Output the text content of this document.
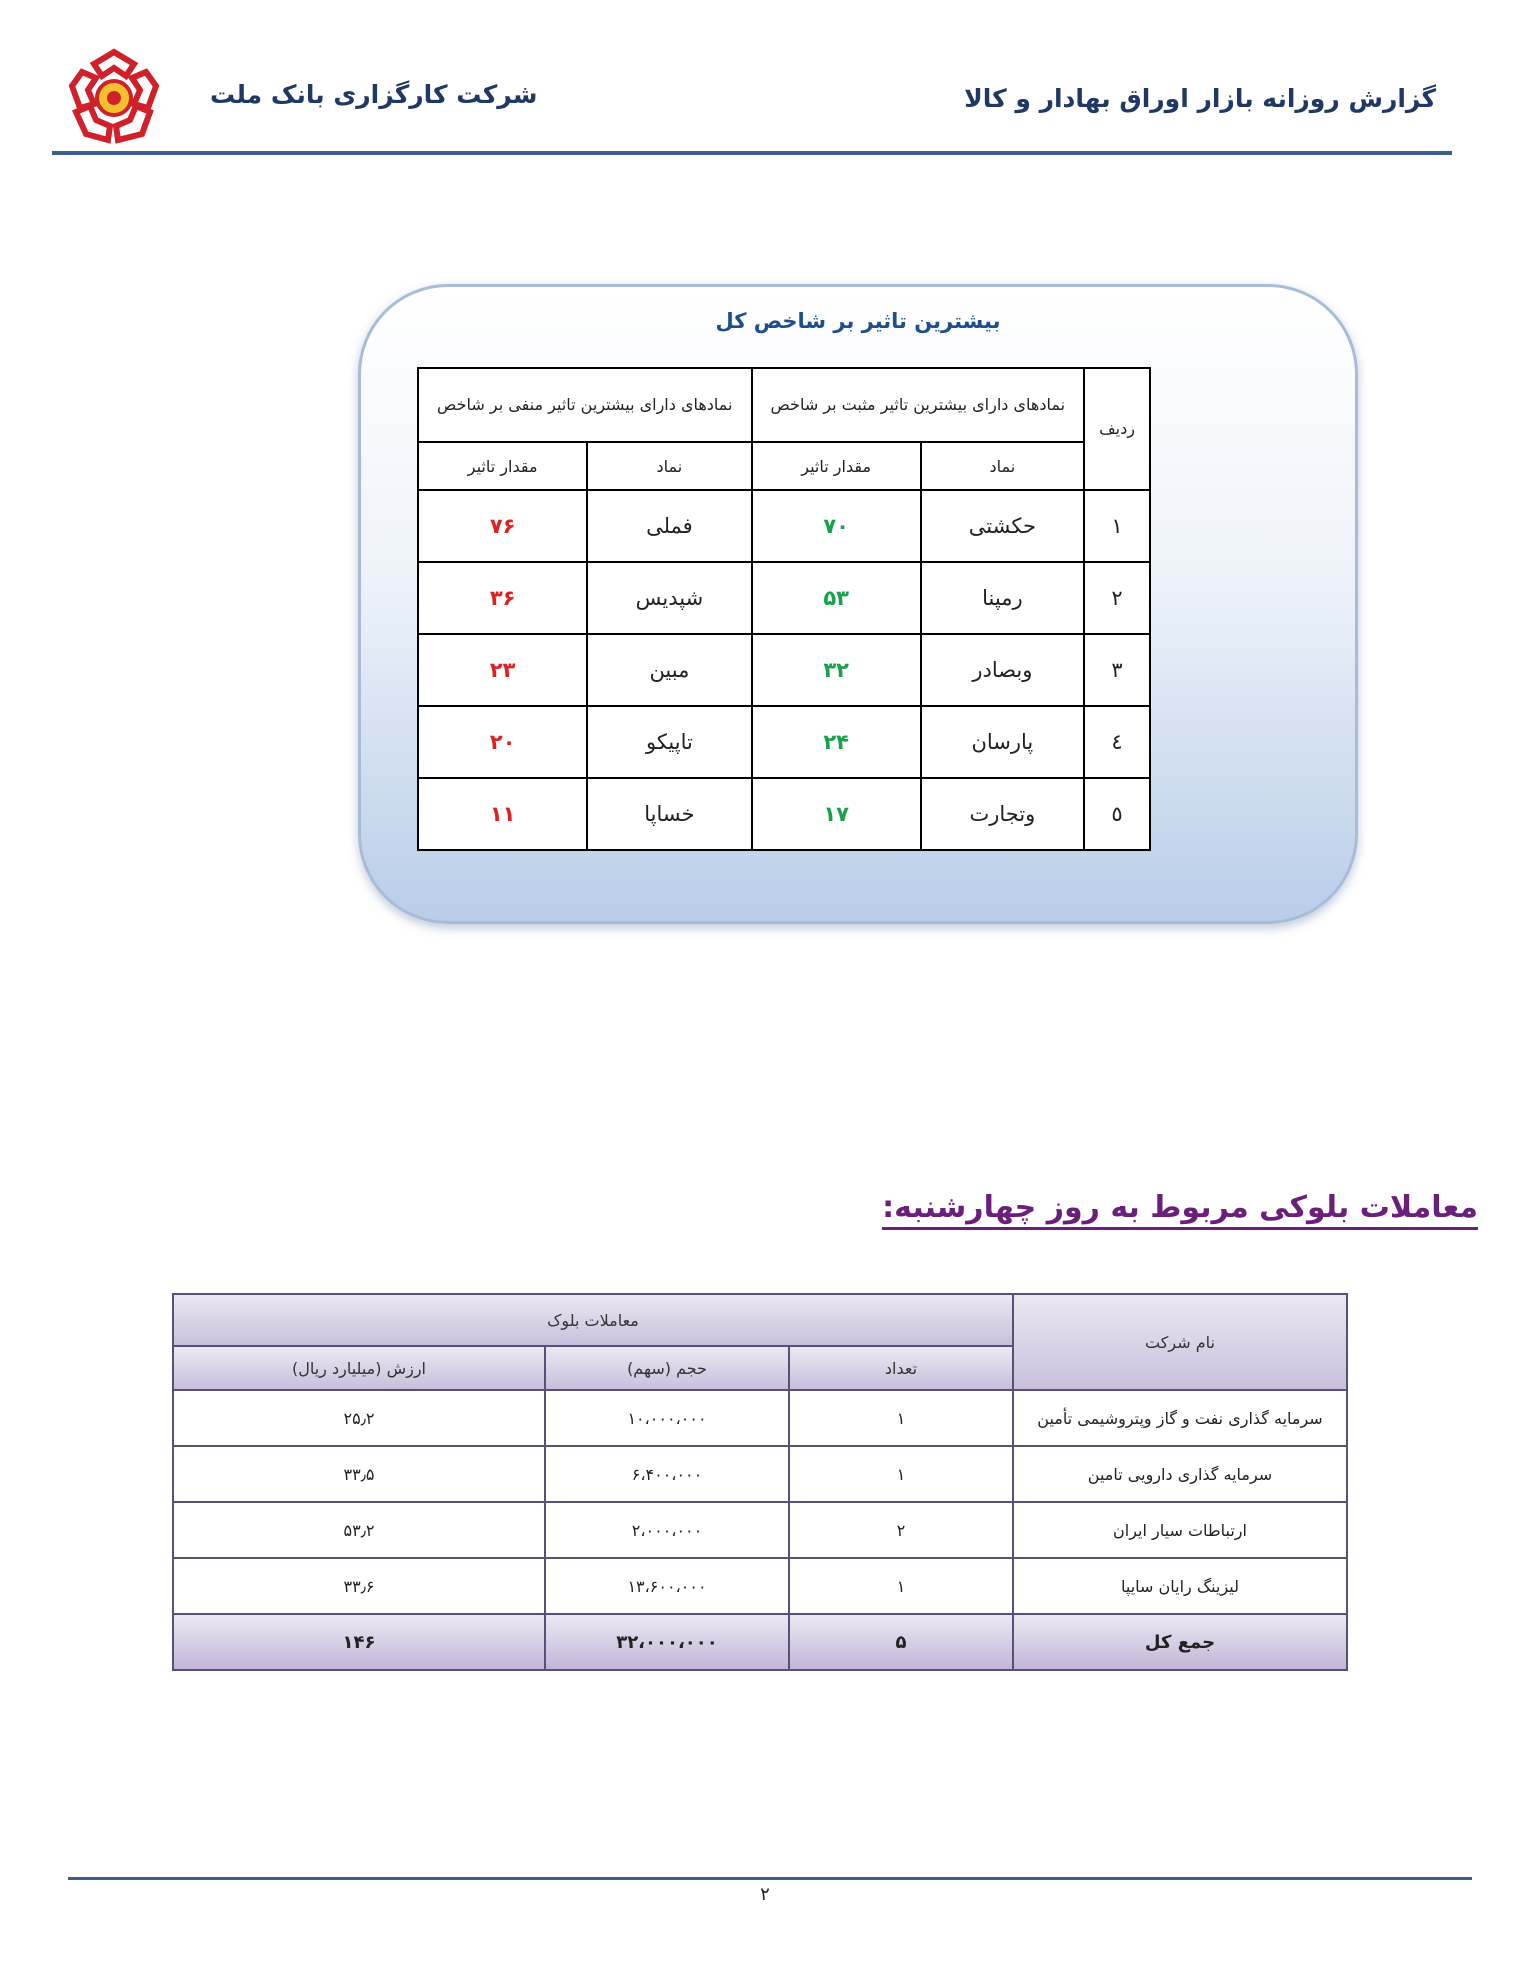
شرکت کارگزاری بانک ملت	گزارش روزانه بازار اوراق بهادار و کالا
بیشترین تاثیر بر شاخص کل
ردیف	نمادهای دارای بیشترین تاثیر مثبت بر شاخص		نمادهای دارای بیشترین تاثیر منفی بر شاخص	
	نماد	مقدار تاثیر	نماد	مقدار تاثیر
۱	حکشتی	۷۰	فملی	۷۶
۲	رمپنا	۵۳	شپدیس	۳۶
۳	وبصادر	۳۲	مبین	۲۳
٤	پارسان	۲۴	تاپیکو	۲۰
٥	وتجارت	۱۷	خساپا	۱۱
معاملات بلوکی مربوط به روز چهارشنبه:
نام شرکت	معاملات بلوک		
	تعداد	حجم (سهم)	ارزش (میلیارد ریال)
سرمایه گذاری نفت و گاز وپتروشیمی تأمین	۱	۱۰،۰۰۰،۰۰۰	۲۵٫۲
سرمایه گذاری دارویی تامین	۱	۶،۴۰۰،۰۰۰	۳۳٫۵
ارتباطات سیار ایران	۲	۲،۰۰۰،۰۰۰	۵۳٫۲
لیزینگ رایان سایپا	۱	۱۳،۶۰۰،۰۰۰	۳۳٫۶
جمع کل	۵	۳۲،۰۰۰،۰۰۰	۱۴۶
۲
